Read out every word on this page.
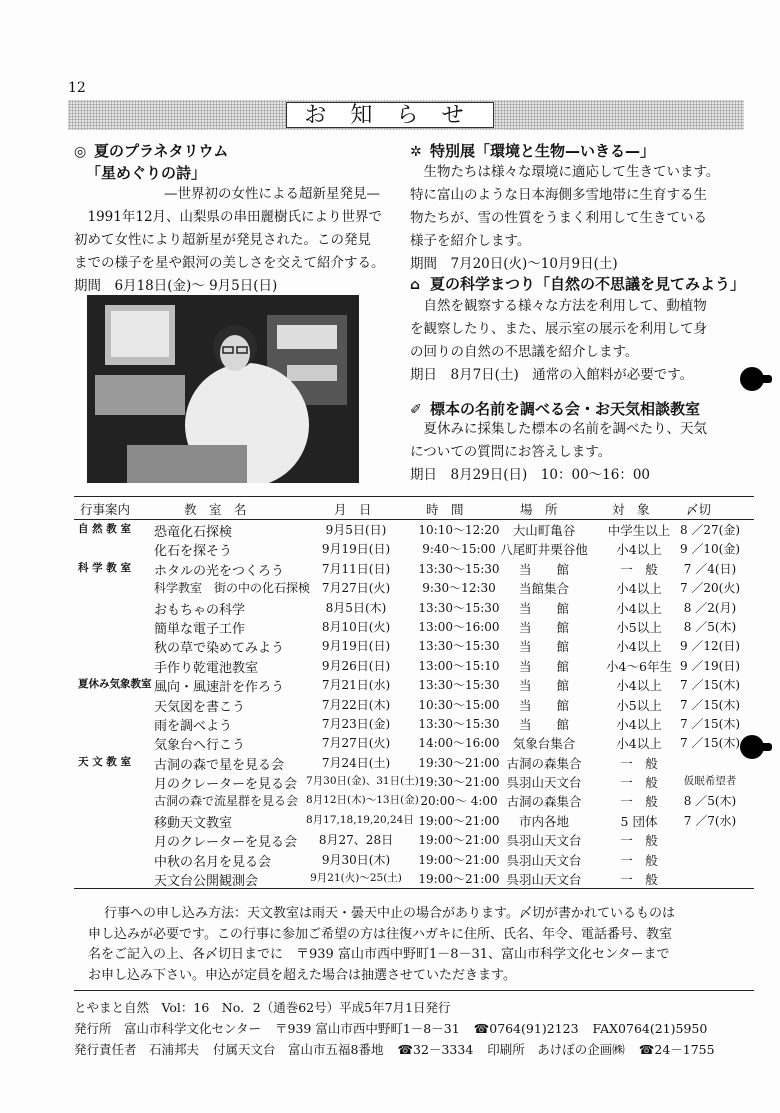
12
お知らせ
◎ 夏のプラネタリウム
「星めぐりの詩」
—世界初の女性による超新星発見—
1991年12月、山梨県の串田麗樹氏により世界で
初めて女性により超新星が発見された。この発見
までの様子を星や銀河の美しさを交えて紹介する。
期間　6月18日(金)～ 9月5日(日)
✲ 特別展「環境と生物—いきる—」
生物たちは様々な環境に適応して生きています。
特に富山のような日本海側多雪地帯に生育する生
物たちが、雪の性質をうまく利用して生きている
様子を紹介します。
期間　7月20日(火)～10月9日(土)
⌂ 夏の科学まつり「自然の不思議を見てみよう」
自然を観察する様々な方法を利用して、動植物
を観察したり、また、展示室の展示を利用して身
の回りの自然の不思議を紹介します。
期日　8月7日(土)　通常の入館料が必要です。
✐ 標本の名前を調べる会・お天気相談教室
夏休みに採集した標本の名前を調べたり、天気
についての質問にお答えします。
期日　8月29日(日)　10：00～16：00
行事案内	教　室　名	月　日	時　間	場　所	対　象	〆切
自 然 教 室 恐竜化石探検	9月5日(日)	10:10～12:20	大山町亀谷	中学生以上 8 ／27(金)
化石を探そう	9月19日(日)	9:40～15:00 八尾町井栗谷他	小4以上	9 ／10(金)
科 学 教 室 ホタルの光をつくろう	7月11日(日)	13:30～15:30	当　　館	一　般	7 ／4(日)
科学教室　街の中の化石探検 7月27日(火)	9:30～12:30	当館集合	小4以上	7 ／20(火)
おもちゃの科学	8月5日(木)	13:30～15:30	当　　館	小4以上	8 ／2(月)
簡単な電子工作	8月10日(火)	13:00～16:00	当　　館	小5以上	8 ／5(木)
秋の草で染めてみよう	9月19日(日)	13:30～15:30	当　　館	小4以上	9 ／12(日)
手作り乾電池教室	9月26日(日)	13:00～15:10	当　　館	小4～6年生 9 ／19(日)
夏休み気象教室 風向・風速計を作ろう	7月21日(水)	13:30～15:30	当　　館	小4以上	7 ／15(木)
天気図を書こう	7月22日(木)	10:30～15:00	当　　館	小5以上	7 ／15(木)
雨を調べよう	7月23日(金)	13:30～15:30	当　　館	小4以上	7 ／15(木)
気象台へ行こう	7月27日(火)	14:00～16:00	気象台集合	小4以上	7 ／15(木)
天 文 教 室 古洞の森で星を見る会	7月24日(土)	19:30～21:00 古洞の森集合	一　般
月のクレーターを見る会 7月30日(金)、31日(土) 19:30～21:00 呉羽山天文台	一　般	仮眠希望者
古洞の森で流星群を見る会 8月12日(木)～13日(金) 20:00～ 4:00 古洞の森集合	一　般	8 ／5(木)
移動天文教室	8月17,18,19,20,24日 19:00～21:00	市内各地	5 団体	7 ／7(水)
月のクレーターを見る会	8月27、28日	19:00～21:00 呉羽山天文台	一　般
中秋の名月を見る会	9月30日(木)	19:00～21:00 呉羽山天文台	一　般
天文台公開観測会	9月21(火)～25(土)	19:00～21:00 呉羽山天文台	一　般
行事への申し込み方法：天文教室は雨天・曇天中止の場合があります。〆切が書かれているものは
申し込みが必要です。この行事に参加ご希望の方は往復ハガキに住所、氏名、年令、電話番号、教室
名をご記入の上、各〆切日までに　〒939 富山市西中野町1－8－31、富山市科学文化センターまで
お申し込み下さい。申込が定員を超えた場合は抽選させていただきます。
とやまと自然　Vol：16　No．2（通巻62号）平成5年7月1日発行
発行所　富山市科学文化センター 〒939 富山市西中野町1－8－31 ☎0764(91)2123 FAX0764(21)5950
発行責任者　石浦邦夫 付属天文台　富山市五福8番地 ☎32－3334 印刷所　あけぼの企画㈱ ☎24－1755
